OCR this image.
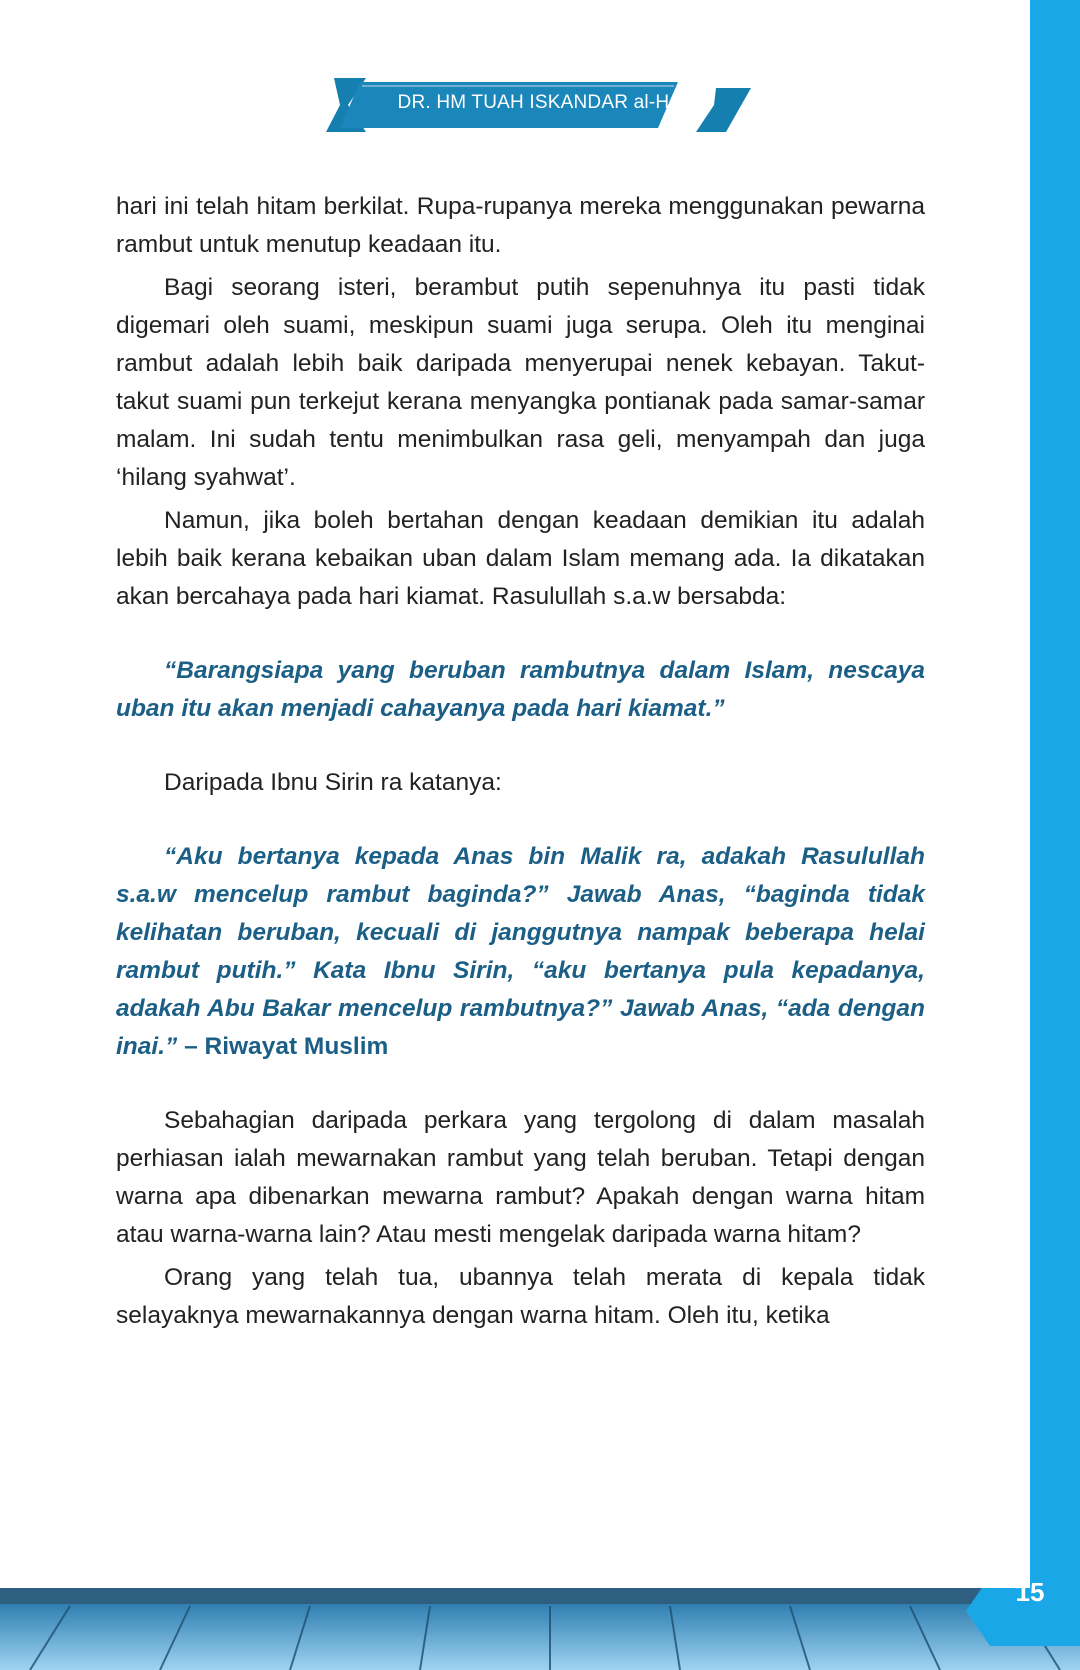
DR. HM TUAH ISKANDAR al-Haj

hari ini telah hitam berkilat. Rupa-rupanya mereka menggunakan pewarna rambut untuk menutup keadaan itu.

Bagi seorang isteri, berambut putih sepenuhnya itu pasti tidak digemari oleh suami, meskipun suami juga serupa. Oleh itu menginai rambut adalah lebih baik daripada menyerupai nenek kebayan. Takut-takut suami pun terkejut kerana menyangka pontianak pada samar-samar malam. Ini sudah tentu menimbulkan rasa geli, menyampah dan juga ‘hilang syahwat’.

Namun, jika boleh bertahan dengan keadaan demikian itu adalah lebih baik kerana kebaikan uban dalam Islam memang ada. Ia dikatakan akan bercahaya pada hari kiamat. Rasulullah s.a.w bersabda:

“Barangsiapa yang beruban rambutnya dalam Islam, nescaya uban itu akan menjadi cahayanya pada hari kiamat.”

Daripada Ibnu Sirin ra katanya:

“Aku bertanya kepada Anas bin Malik ra, adakah Rasulullah s.a.w mencelup rambut baginda?” Jawab Anas, “baginda tidak kelihatan beruban, kecuali di janggutnya nampak beberapa helai rambut putih.” Kata Ibnu Sirin, “aku bertanya pula kepadanya, adakah Abu Bakar mencelup rambutnya?” Jawab Anas, “ada dengan inai.” – Riwayat Muslim

Sebahagian daripada perkara yang tergolong di dalam masalah perhiasan ialah mewarnakan rambut yang telah beruban. Tetapi dengan warna apa dibenarkan mewarna rambut? Apakah dengan warna hitam atau warna-warna lain? Atau mesti mengelak daripada warna hitam?

Orang yang telah tua, ubannya telah merata di kepala tidak selayaknya mewarnakannya dengan warna hitam. Oleh itu, ketika

15
